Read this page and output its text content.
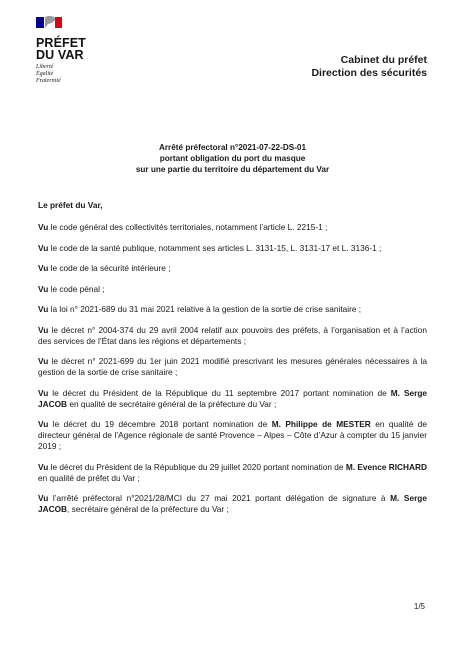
PRÉFET
DU VAR
Liberté
Égalité
Fraternité
Cabinet du préfet
Direction des sécurités
Arrêté préfectoral n°2021-07-22-DS-01
portant obligation du port du masque
sur une partie du territoire du département du Var
Le préfet du Var,
Vu le code général des collectivités territoriales, notamment l’article L. 2215-1 ;
Vu le code de la santé publique, notamment ses articles L. 3131-15, L. 3131-17 et L. 3136-1 ;
Vu le code de la sécurité intérieure ;
Vu le code pénal ;
Vu la loi n° 2021-689 du 31 mai 2021 relative à la gestion de la sortie de crise sanitaire ;
Vu le décret n° 2004-374 du 29 avril 2004 relatif aux pouvoirs des préfets, à l’organisation et à l’action des services de l’État dans les régions et départements ;
Vu le décret n° 2021-699 du 1er juin 2021 modifié prescrivant les mesures générales nécessaires à la gestion de la sortie de crise sanitaire ;
Vu le décret du Président de la République du 11 septembre 2017 portant nomination de M. Serge JACOB en qualité de secrétaire général de la préfecture du Var ;
Vu le décret du 19 décembre 2018 portant nomination de M. Philippe de MESTER en qualité de directeur général de l’Agence régionale de santé Provence – Alpes – Côte d’Azur à compter du 15 janvier 2019 ;
Vu le décret du Président de la République du 29 juillet 2020 portant nomination de M. Evence RICHARD en qualité de préfet du Var ;
Vu l’arrêté préfectoral n°2021/28/MCI du 27 mai 2021 portant délégation de signature à M. Serge JACOB, secrétaire général de la préfecture du Var ;
1/5
